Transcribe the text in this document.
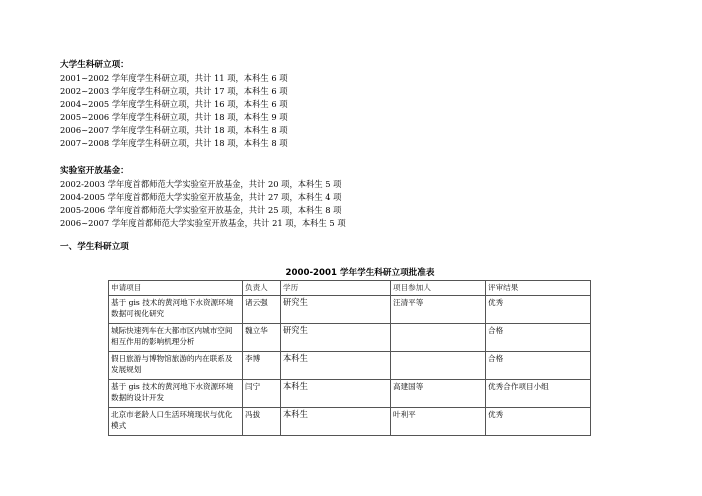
大学生科研立项：
2001~2002 学年度学生科研立项，共计 11 项，本科生 6 项
2002~2003 学年度学生科研立项，共计 17 项，本科生 6 项
2004~2005 学年度学生科研立项，共计 16 项，本科生 6 项
2005~2006 学年度学生科研立项，共计 18 项，本科生 9 项
2006~2007 学年度学生科研立项，共计 18 项，本科生 8 项
2007~2008 学年度学生科研立项，共计 18 项，本科生 8 项
实验室开放基金：
2002-2003 学年度首都师范大学实验室开放基金，共计 20 项，本科生 5 项
2004-2005 学年度首都师范大学实验室开放基金，共计 27 项，本科生 4 项
2005-2006 学年度首都师范大学实验室开放基金，共计 25 项，本科生 8 项
2006~2007 学年度首都师范大学实验室开放基金，共计 21 项，本科生 5 项
一、学生科研立项
2000-2001 学年学生科研立项批准表
申请项目	负责人	学历	项目参加人	评审结果
基于 gis 技术的黄河地下水资源环境数据可视化研究	诸云强	研究生	汪清平等	优秀
城际快速列车在大都市区内城市空间相互作用的影响机理分析	魏立华	研究生		合格
假日旅游与博物馆旅游的内在联系及发展规划	李博	本科生		合格
基于 gis 技术的黄河地下水资源环境数据的设计开发	闫宁	本科生	高建国等	优秀合作项目小组
北京市老龄人口生活环境现状与优化模式	冯拔	本科生	叶利平	优秀
